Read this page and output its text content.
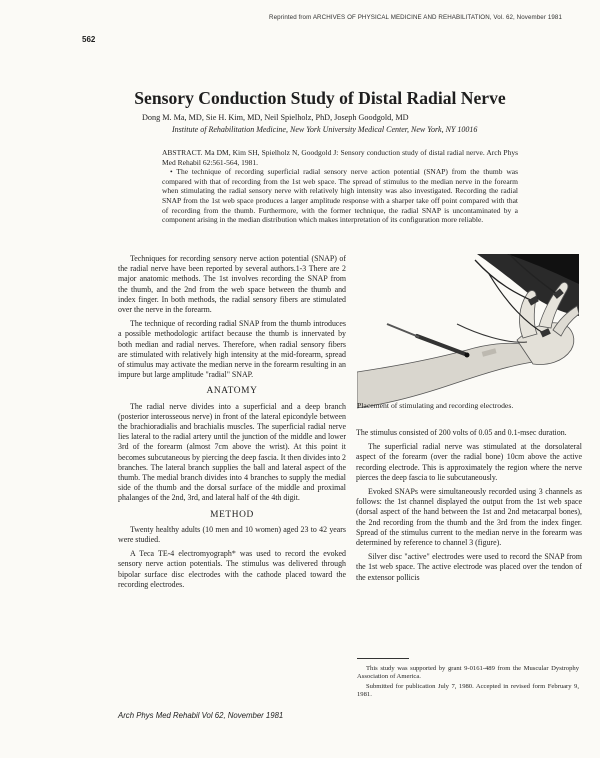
Reprinted from ARCHIVES OF PHYSICAL MEDICINE AND REHABILITATION, Vol. 62, November 1981
562
Sensory Conduction Study of Distal Radial Nerve
Dong M. Ma, MD, Sie H. Kim, MD, Neil Spielholz, PhD, Joseph Goodgold, MD
Institute of Rehabilitation Medicine, New York University Medical Center, New York, NY 10016

ABSTRACT. Ma DM, Kim SH, Spielholz N, Goodgold J: Sensory conduction study of distal radial nerve. Arch Phys Med Rehabil 62:561-564, 1981.

• The technique of recording superficial radial sensory nerve action potential (SNAP) from the thumb was compared with that of recording from the 1st web space. The spread of stimulus to the median nerve in the forearm when stimulating the radial sensory nerve with relatively high intensity was also investigated. Recording the radial SNAP from the 1st web space produces a larger amplitude response with a sharper take off point compared with that of recording from the thumb. Furthermore, with the former technique, the radial SNAP is uncontaminated by a component arising in the median distribution which makes interpretation of its configuration more reliable.

Techniques for recording sensory nerve action potential (SNAP) of the radial nerve have been reported by several authors.1-3 There are 2 major anatomic methods. The 1st involves recording the SNAP from the thumb, and the 2nd from the web space between the thumb and index finger. In both methods, the radial sensory fibers are stimulated over the nerve in the forearm.

The technique of recording radial SNAP from the thumb introduces a possible methodologic artifact because the thumb is innervated by both median and radial nerves. Therefore, when radial sensory fibers are stimulated with relatively high intensity at the mid-forearm, spread of stimulus may activate the median nerve in the forearm resulting in an impure but large amplitude "radial" SNAP.

ANATOMY

The radial nerve divides into a superficial and a deep branch (posterior interosseous nerve) in front of the lateral epicondyle between the brachioradialis and brachialis muscles. The superficial radial nerve lies lateral to the radial artery until the junction of the middle and lower 3rd of the forearm (almost 7cm above the wrist). At this point it becomes subcutaneous by piercing the deep fascia. It then divides into 2 branches. The lateral branch supplies the ball and lateral aspect of the thumb. The medial branch divides into 4 branches to supply the medial side of the thumb and the dorsal surface of the middle and proximal phalanges of the 2nd, 3rd, and lateral half of the 4th digit.

METHOD

Twenty healthy adults (10 men and 10 women) aged 23 to 42 years were studied.

A Teca TE-4 electromyograph* was used to record the evoked sensory nerve action potentials. The stimulus was delivered through bipolar surface disc electrodes with the cathode placed toward the recording electrodes.

Placement of stimulating and recording electrodes.

The stimulus consisted of 200 volts of 0.05 and 0.1-msec duration.

The superficial radial nerve was stimulated at the dorsolateral aspect of the forearm (over the radial bone) 10cm above the active recording electrode. This is approximately the region where the nerve pierces the deep fascia to lie subcutaneously.

Evoked SNAPs were simultaneously recorded using 3 channels as follows: the 1st channel displayed the output from the 1st web space (dorsal aspect of the hand between the 1st and 2nd metacarpal bones), the 2nd recording from the thumb and the 3rd from the index finger. Spread of the stimulus current to the median nerve in the forearm was determined by reference to channel 3 (figure).

Silver disc "active" electrodes were used to record the SNAP from the 1st web space. The active electrode was placed over the tendon of the extensor pollicis

This study was supported by grant 9-0161-489 from the Muscular Dystrophy Association of America.

Submitted for publication July 7, 1980. Accepted in revised form February 9, 1981.

Arch Phys Med Rehabil Vol 62, November 1981
